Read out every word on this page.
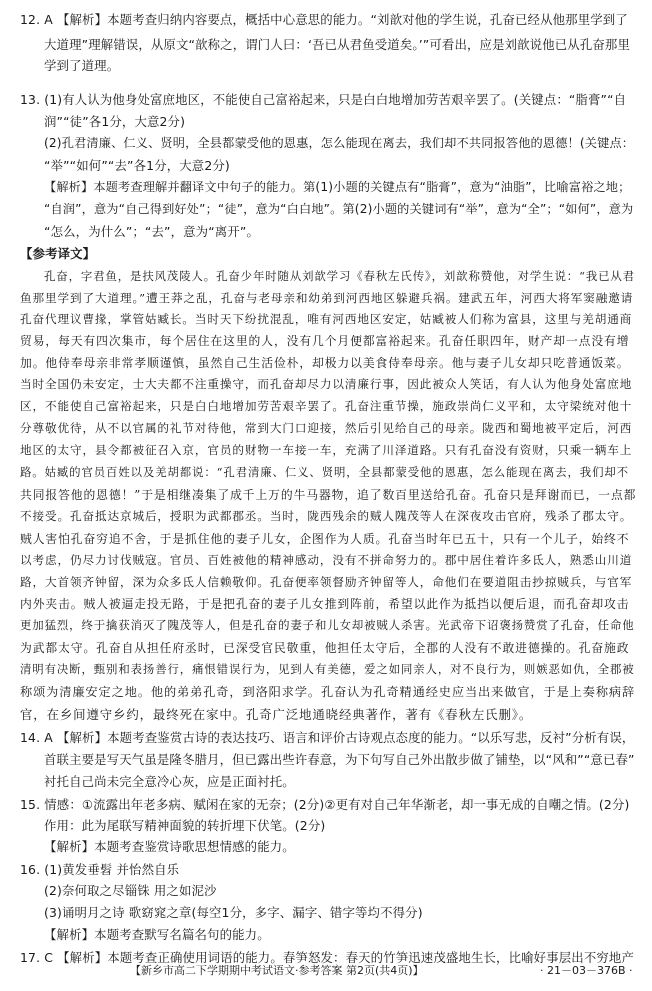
12. A 【解析】本题考查归纳内容要点，概括中心意思的能力。“刘歆对他的学生说，孔奋已经从他那里学到了
大道理”理解错误，从原文“歆称之，谓门人曰：‘吾已从君鱼受道矣。’”可看出，应是刘歆说他已从孔奋那里
学到了道理。
13. (1)有人认为他身处富庶地区，不能使自己富裕起来，只是白白地增加劳苦艰辛罢了。(关键点：“脂膏”“自
润”“徒”各1分，大意2分)
(2)孔君清廉、仁义、贤明，全县都蒙受他的恩惠，怎么能现在离去，我们却不共同报答他的恩德！(关键点：
“举”“如何”“去”各1分，大意2分)
【解析】本题考查理解并翻译文中句子的能力。第(1)小题的关键点有“脂膏”，意为“油脂”，比喻富裕之地；
“自润”，意为“自己得到好处”；“徒”，意为“白白地”。第(2)小题的关键词有“举”，意为“全”；“如何”，意为
“怎么，为什么”；“去”，意为“离开”。
【参考译文】
孔奋，字君鱼，是扶风茂陵人。孔奋少年时随从刘歆学习《春秋左氏传》，刘歆称赞他，对学生说：“我已从君
鱼那里学到了大道理。”遭王莽之乱，孔奋与老母亲和幼弟到河西地区躲避兵祸。建武五年，河西大将军窦融邀请
孔奋代理议曹掾，掌管姑臧长。当时天下纷扰混乱，唯有河西地区安定，姑臧被人们称为富县，这里与羌胡通商
贸易，每天有四次集市，每个居住在这里的人，没有几个月便都富裕起来。孔奋任职四年，财产却一点没有增
加。他侍奉母亲非常孝顺谨慎，虽然自己生活俭朴，却极力以美食侍奉母亲。他与妻子儿女却只吃普通饭菜。
当时全国仍未安定，士大夫都不注重操守，而孔奋却尽力以清廉行事，因此被众人笑话，有人认为他身处富庶地
区，不能使自己富裕起来，只是白白地增加劳苦艰辛罢了。孔奋注重节操，施政崇尚仁义平和，太守梁统对他十
分尊敬优待，从不以官属的礼节对待他，常到大门口迎接，然后引见给自己的母亲。陇西和蜀地被平定后，河西
地区的太守，县令都被征召入京，官员的财物一车接一车，充满了川泽道路。只有孔奋没有资财，只乘一辆车上
路。姑臧的官员百姓以及羌胡都说：“孔君清廉、仁义、贤明，全县都蒙受他的恩惠，怎么能现在离去，我们却不
共同报答他的恩德！”于是相继凑集了成千上万的牛马器物，追了数百里送给孔奋。孔奋只是拜谢而已，一点都
不接受。孔奋抵达京城后，授职为武都郡丞。当时，陇西残余的贼人隗茂等人在深夜攻击官府，残杀了郡太守。
贼人害怕孔奋穷追不舍，于是抓住他的妻子儿女，企图作为人质。孔奋当时年已五十，只有一个儿子，始终不
以考虑，仍尽力讨伐贼寇。官员、百姓被他的精神感动，没有不拼命努力的。郡中居住着许多氐人，熟悉山川道
路，大首领齐钟留，深为众多氐人信赖敬仰。孔奋便率领督励齐钟留等人，命他们在要道阻击抄掠贼兵，与官军
内外夹击。贼人被逼走投无路，于是把孔奋的妻子儿女推到阵前，希望以此作为抵挡以便后退，而孔奋却攻击
更加猛烈，终于擒获消灭了隗茂等人，但是孔奋的妻子和儿女却被贼人杀害。光武帝下诏褒扬赞赏了孔奋，任命他
为武都太守。孔奋自从担任府丞时，已深受官民敬重，他担任太守后，全郡的人没有不敢进德操的。孔奋施政
清明有决断，甄别和表扬善行，痛恨错误行为，见到人有美德，爱之如同亲人，对不良行为，则嫉恶如仇，全郡被
称颂为清廉安定之地。他的弟弟孔奇，到洛阳求学。孔奋认为孔奇精通经史应当出来做官，于是上奏称病辞
官，在乡间遵守乡约，最终死在家中。孔奇广泛地通晓经典著作，著有《春秋左氏删》。
14. A 【解析】本题考查鉴赏古诗的表达技巧、语言和评价古诗观点态度的能力。“以乐写悲，反衬”分析有误，
首联主要是写天气虽是隆冬腊月，但已露出些许春意，为下句写自己外出散步做了铺垫，以“风和”“意已春”
衬托自己尚未完全意冷心灰，应是正面衬托。
15. 情感：①流露出年老多病、赋闲在家的无奈；(2分)②更有对自己年华渐老，却一事无成的自嘲之情。(2分)
作用：此为尾联写精神面貌的转折埋下伏笔。(2分)
【解析】本题考查鉴赏诗歌思想情感的能力。
16. (1)黄发垂髫 并怡然自乐
(2)奈何取之尽锱铢 用之如泥沙
(3)诵明月之诗 歌窈窕之章(每空1分，多字、漏字、错字等均不得分)
【解析】本题考查默写名篇名句的能力。
17. C 【解析】本题考查正确使用词语的能力。春笋怒发：春天的竹笋迅速茂盛地生长，比喻好事层出不穷地产
【新乡市高二下学期期中考试语文·参考答案 第2页(共4页)】	· 21－03－376B ·
